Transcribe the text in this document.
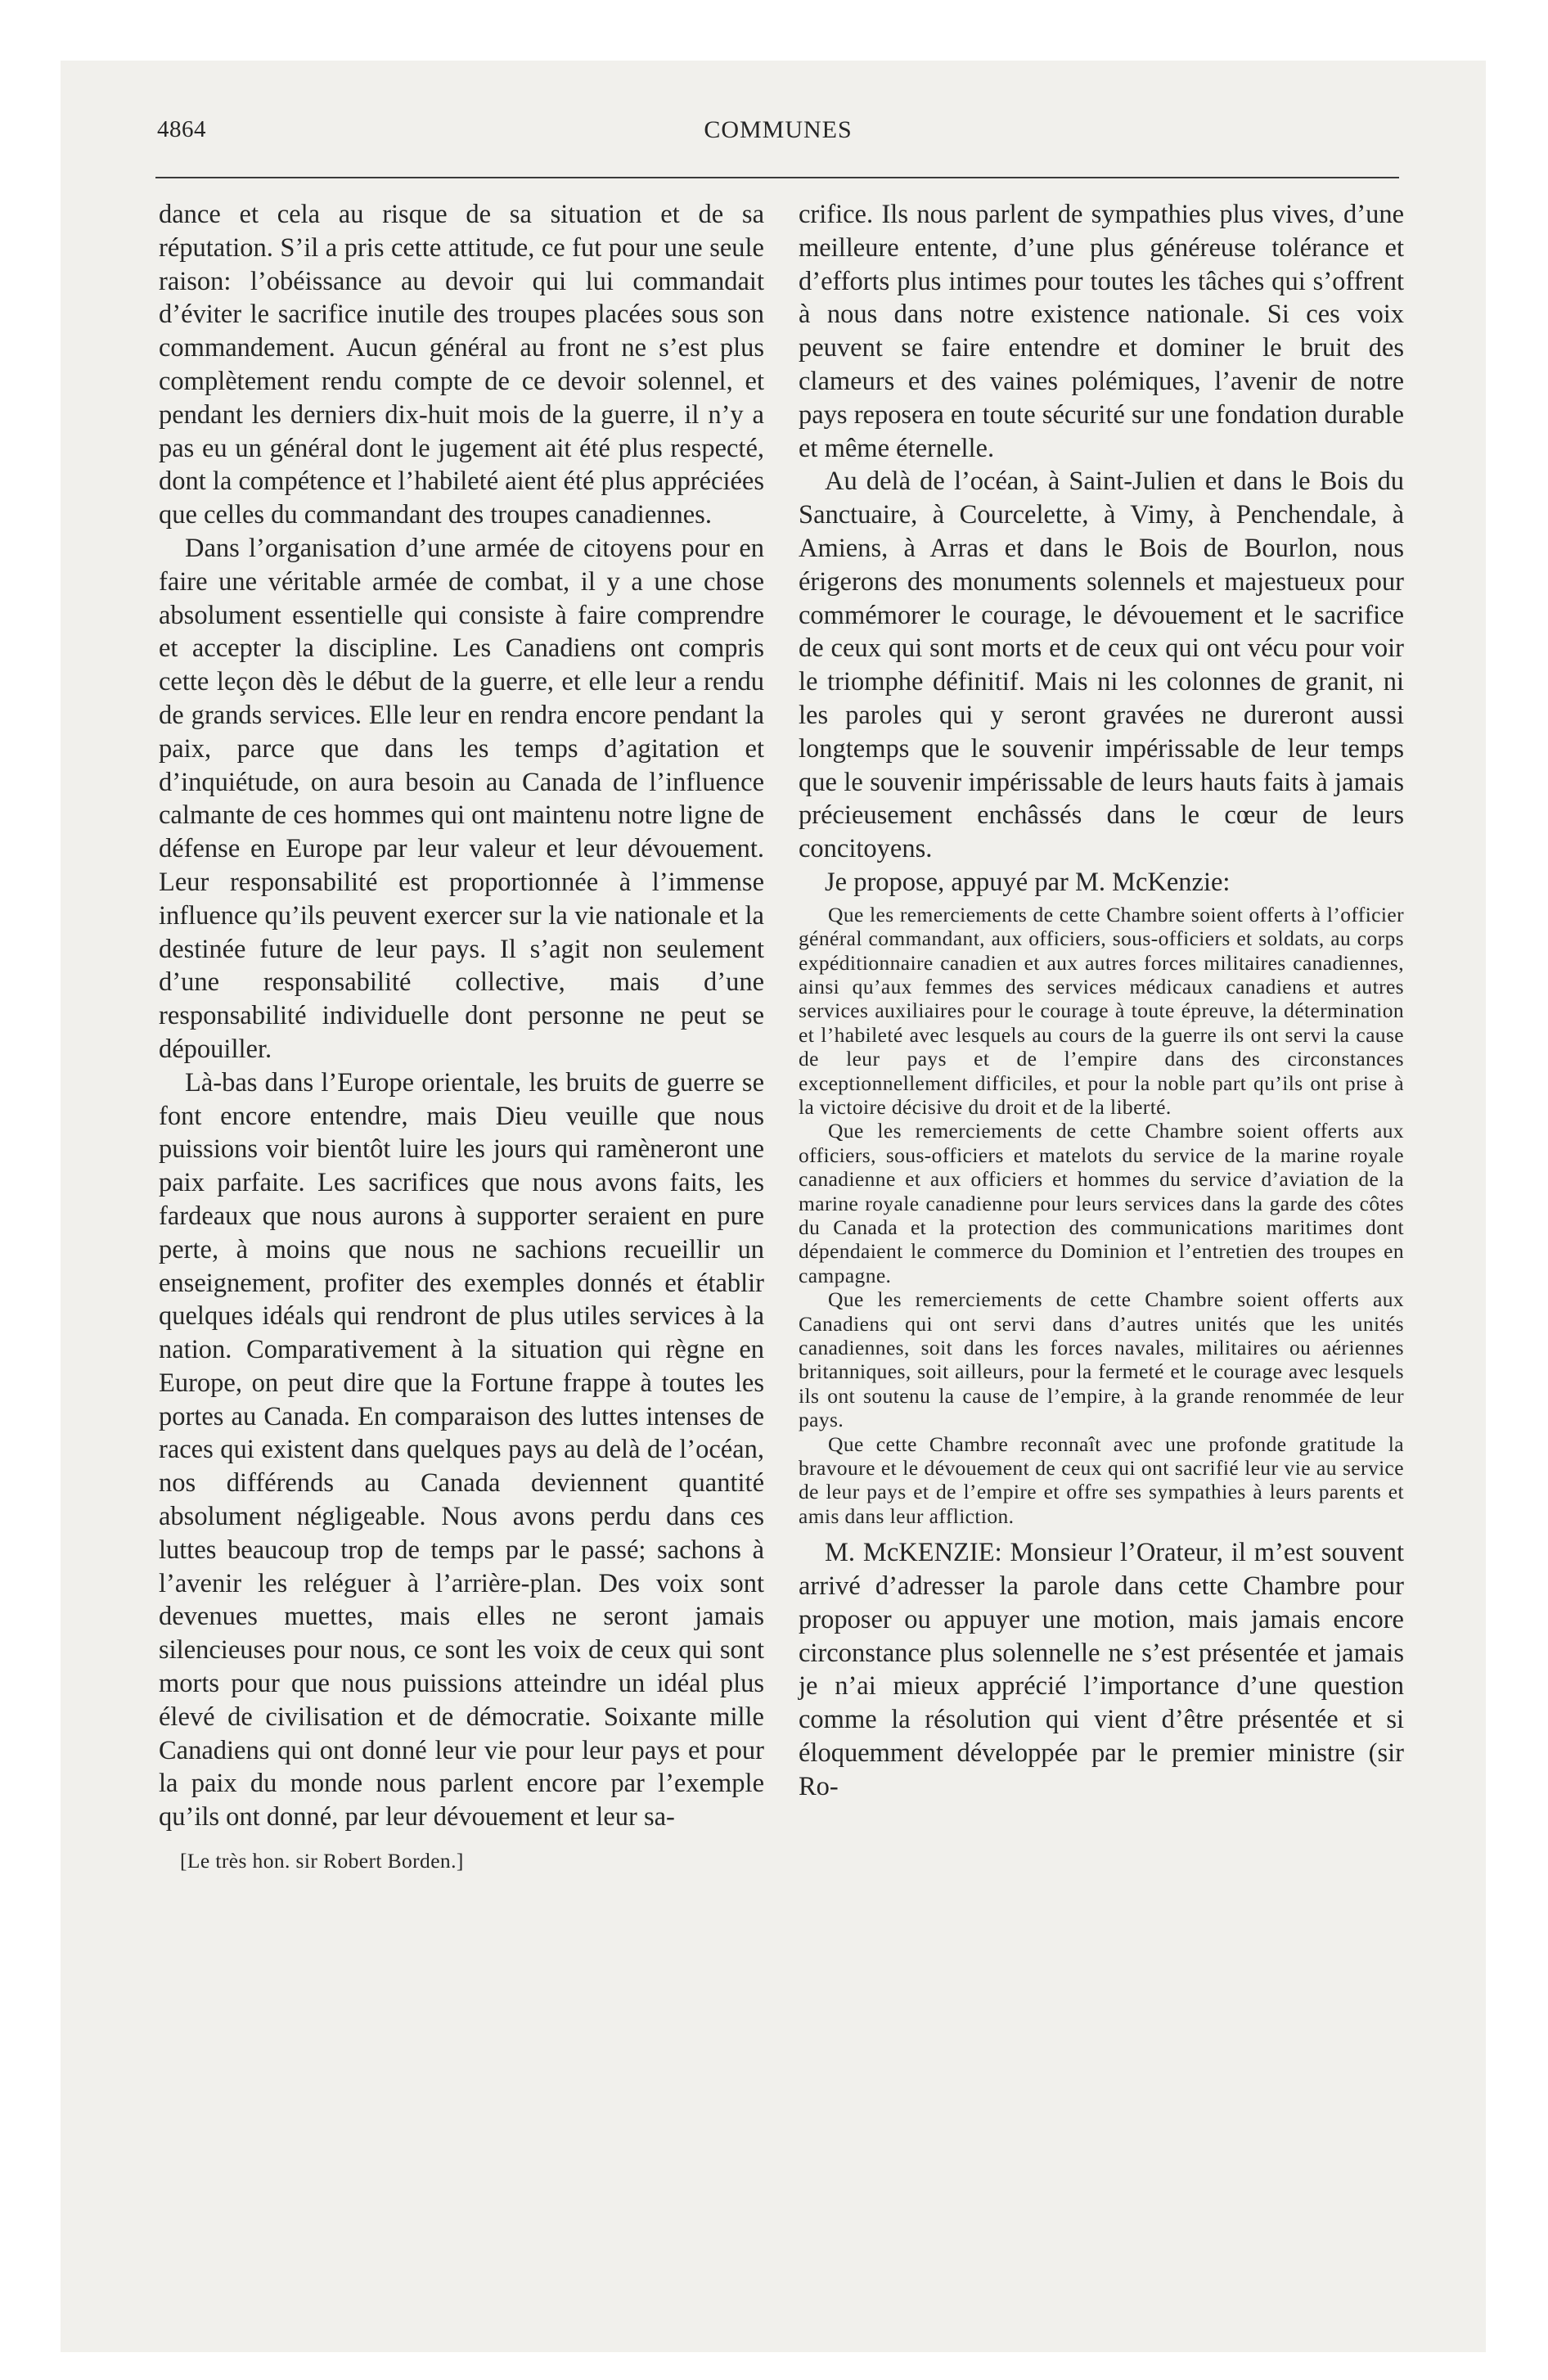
4864	COMMUNES

dance et cela au risque de sa situation et de sa réputation. S’il a pris cette attitude, ce fut pour une seule raison: l’obéissance au devoir qui lui commandait d’éviter le sacrifice inutile des troupes placées sous son commandement. Aucun général au front ne s’est plus complètement rendu compte de ce devoir solennel, et pendant les derniers dix-huit mois de la guerre, il n’y a pas eu un général dont le jugement ait été plus respecté, dont la compétence et l’habileté aient été plus appréciées que celles du commandant des troupes canadiennes.

Dans l’organisation d’une armée de citoyens pour en faire une véritable armée de combat, il y a une chose absolument essentielle qui consiste à faire comprendre et accepter la discipline. Les Canadiens ont compris cette leçon dès le début de la guerre, et elle leur a rendu de grands services. Elle leur en rendra encore pendant la paix, parce que dans les temps d’agitation et d’inquiétude, on aura besoin au Canada de l’influence calmante de ces hommes qui ont maintenu notre ligne de défense en Europe par leur valeur et leur dévouement. Leur responsabilité est proportionnée à l’immense influence qu’ils peuvent exercer sur la vie nationale et la destinée future de leur pays. Il s’agit non seulement d’une responsabilité collective, mais d’une responsabilité individuelle dont personne ne peut se dépouiller.

Là-bas dans l’Europe orientale, les bruits de guerre se font encore entendre, mais Dieu veuille que nous puissions voir bientôt luire les jours qui ramèneront une paix parfaite. Les sacrifices que nous avons faits, les fardeaux que nous aurons à supporter seraient en pure perte, à moins que nous ne sachions recueillir un enseignement, profiter des exemples donnés et établir quelques idéals qui rendront de plus utiles services à la nation. Comparativement à la situation qui règne en Europe, on peut dire que la Fortune frappe à toutes les portes au Canada. En comparaison des luttes intenses de races qui existent dans quelques pays au delà de l’océan, nos différends au Canada deviennent quantité absolument négligeable. Nous avons perdu dans ces luttes beaucoup trop de temps par le passé; sachons à l’avenir les reléguer à l’arrière-plan. Des voix sont devenues muettes, mais elles ne seront jamais silencieuses pour nous, ce sont les voix de ceux qui sont morts pour que nous puissions atteindre un idéal plus élevé de civilisation et de démocratie. Soixante mille Canadiens qui ont donné leur vie pour leur pays et pour la paix du monde nous parlent encore par l’exemple qu’ils ont donné, par leur dévouement et leur sa-

[Le très hon. sir Robert Borden.]

crifice. Ils nous parlent de sympathies plus vives, d’une meilleure entente, d’une plus généreuse tolérance et d’efforts plus intimes pour toutes les tâches qui s’offrent à nous dans notre existence nationale. Si ces voix peuvent se faire entendre et dominer le bruit des clameurs et des vaines polémiques, l’avenir de notre pays reposera en toute sécurité sur une fondation durable et même éternelle.

Au delà de l’océan, à Saint-Julien et dans le Bois du Sanctuaire, à Courcelette, à Vimy, à Penchendale, à Amiens, à Arras et dans le Bois de Bourlon, nous érigerons des monuments solennels et majestueux pour commémorer le courage, le dévouement et le sacrifice de ceux qui sont morts et de ceux qui ont vécu pour voir le triomphe définitif. Mais ni les colonnes de granit, ni les paroles qui y seront gravées ne dureront aussi longtemps que le souvenir impérissable de leur temps que le souvenir impérissable de leurs hauts faits à jamais précieusement enchâssés dans le cœur de leurs concitoyens.

Je propose, appuyé par M. McKenzie:

Que les remerciements de cette Chambre soient offerts à l’officier général commandant, aux officiers, sous-officiers et soldats, au corps expéditionnaire canadien et aux autres forces militaires canadiennes, ainsi qu’aux femmes des services médicaux canadiens et autres services auxiliaires pour le courage à toute épreuve, la détermination et l’habileté avec lesquels au cours de la guerre ils ont servi la cause de leur pays et de l’empire dans des circonstances exceptionnellement difficiles, et pour la noble part qu’ils ont prise à la victoire décisive du droit et de la liberté.

Que les remerciements de cette Chambre soient offerts aux officiers, sous-officiers et matelots du service de la marine royale canadienne et aux officiers et hommes du service d’aviation de la marine royale canadienne pour leurs services dans la garde des côtes du Canada et la protection des communications maritimes dont dépendaient le commerce du Dominion et l’entretien des troupes en campagne.

Que les remerciements de cette Chambre soient offerts aux Canadiens qui ont servi dans d’autres unités que les unités canadiennes, soit dans les forces navales, militaires ou aériennes britanniques, soit ailleurs, pour la fermeté et le courage avec lesquels ils ont soutenu la cause de l’empire, à la grande renommée de leur pays.

Que cette Chambre reconnaît avec une profonde gratitude la bravoure et le dévouement de ceux qui ont sacrifié leur vie au service de leur pays et de l’empire et offre ses sympathies à leurs parents et amis dans leur affliction.

M. McKENZIE: Monsieur l’Orateur, il m’est souvent arrivé d’adresser la parole dans cette Chambre pour proposer ou appuyer une motion, mais jamais encore circonstance plus solennelle ne s’est présentée et jamais je n’ai mieux apprécié l’importance d’une question comme la résolution qui vient d’être présentée et si éloquemment développée par le premier ministre (sir Ro-
